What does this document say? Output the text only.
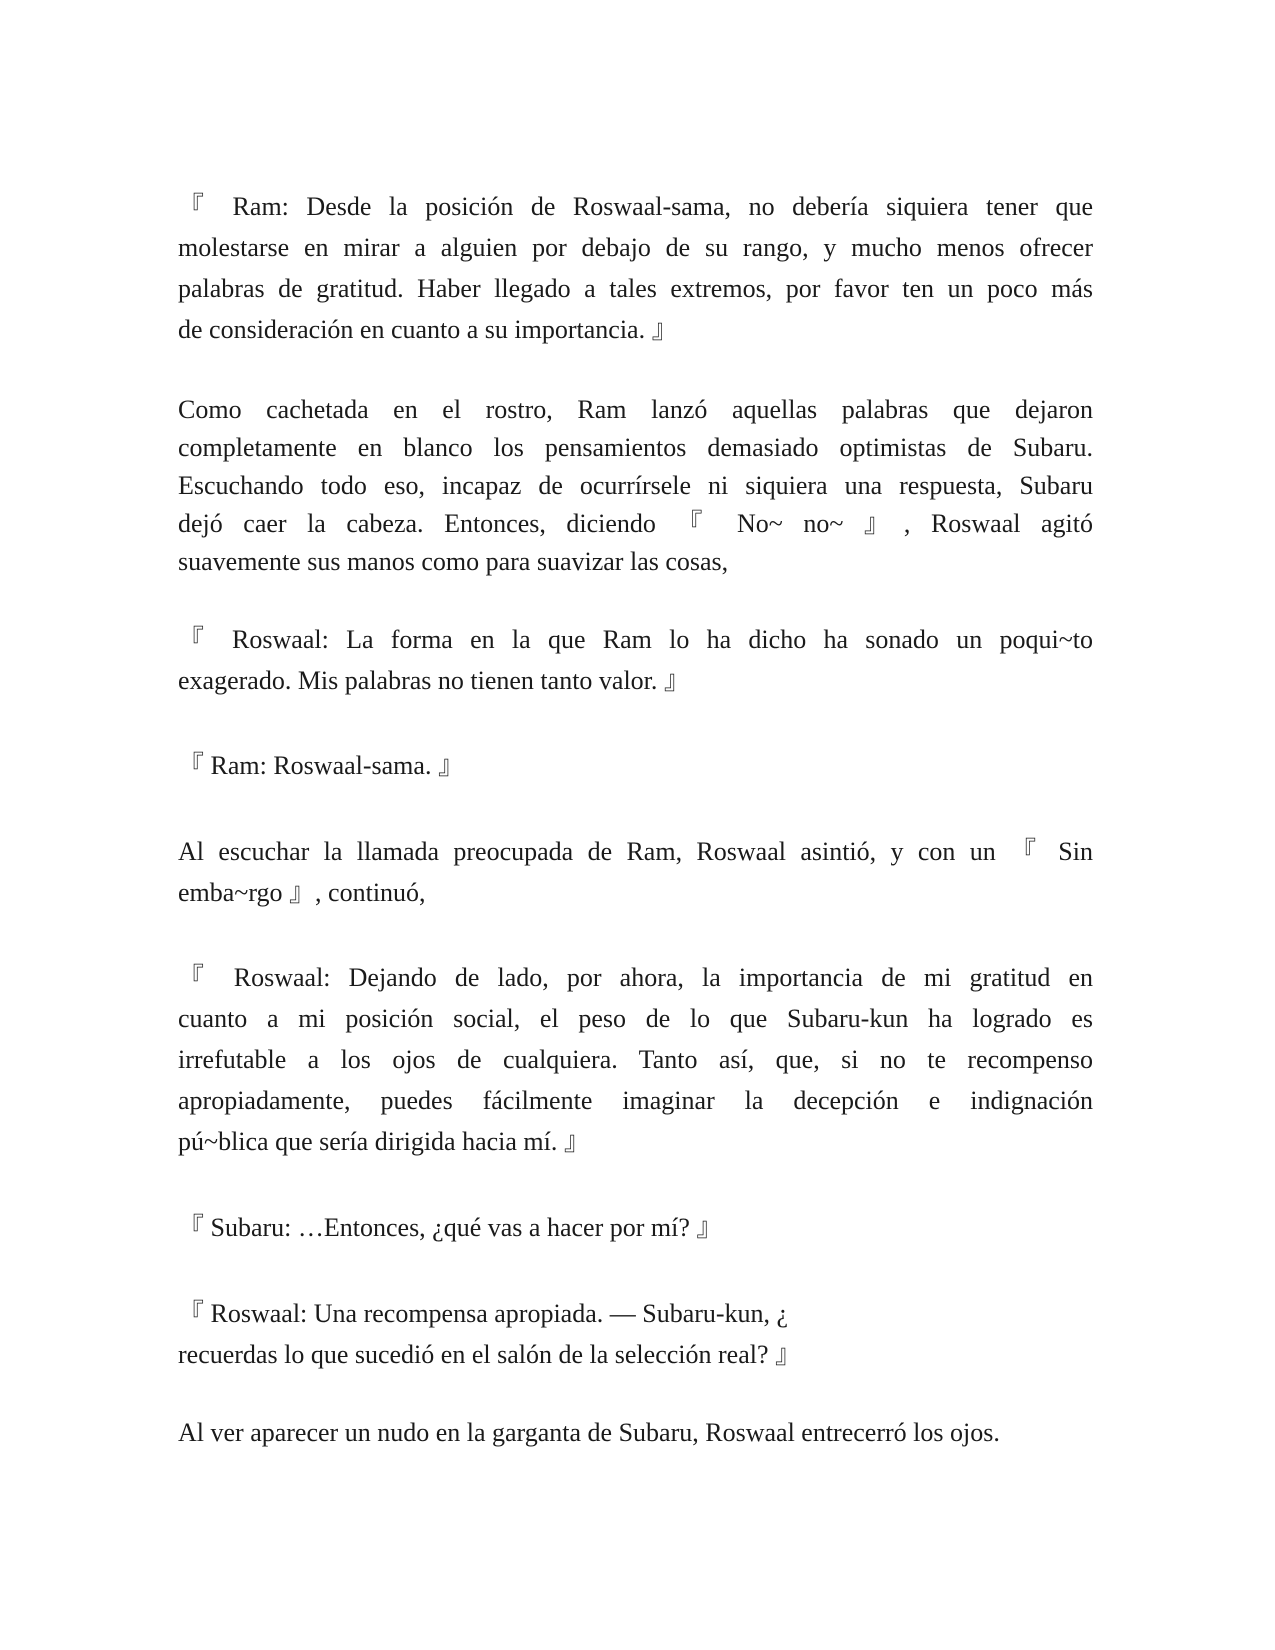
『 Ram: Desde la posición de Roswaal-sama, no debería siquiera tener que
molestarse en mirar a alguien por debajo de su rango, y mucho menos ofrecer
palabras de gratitud. Haber llegado a tales extremos, por favor ten un poco más
de consideración en cuanto a su importancia. 』

Como cachetada en el rostro, Ram lanzó aquellas palabras que dejaron
completamente en blanco los pensamientos demasiado optimistas de Subaru.
Escuchando todo eso, incapaz de ocurrírsele ni siquiera una respuesta, Subaru
dejó caer la cabeza. Entonces, diciendo 『 No~ no~ 』, Roswaal agitó
suavemente sus manos como para suavizar las cosas,

『 Roswaal: La forma en la que Ram lo ha dicho ha sonado un poqui~to
exagerado. Mis palabras no tienen tanto valor. 』

『 Ram: Roswaal-sama. 』

Al escuchar la llamada preocupada de Ram, Roswaal asintió, y con un 『 Sin
emba~rgo 』, continuó,

『 Roswaal: Dejando de lado, por ahora, la importancia de mi gratitud en
cuanto a mi posición social, el peso de lo que Subaru-kun ha logrado es
irrefutable a los ojos de cualquiera. Tanto así, que, si no te recompenso
apropiadamente, puedes fácilmente imaginar la decepción e indignación
pú~blica que sería dirigida hacia mí. 』

『 Subaru: …Entonces, ¿qué vas a hacer por mí? 』

『 Roswaal: Una recompensa apropiada. ― Subaru-kun, ¿
recuerdas lo que sucedió en el salón de la selección real? 』

Al ver aparecer un nudo en la garganta de Subaru, Roswaal entrecerró los ojos.
